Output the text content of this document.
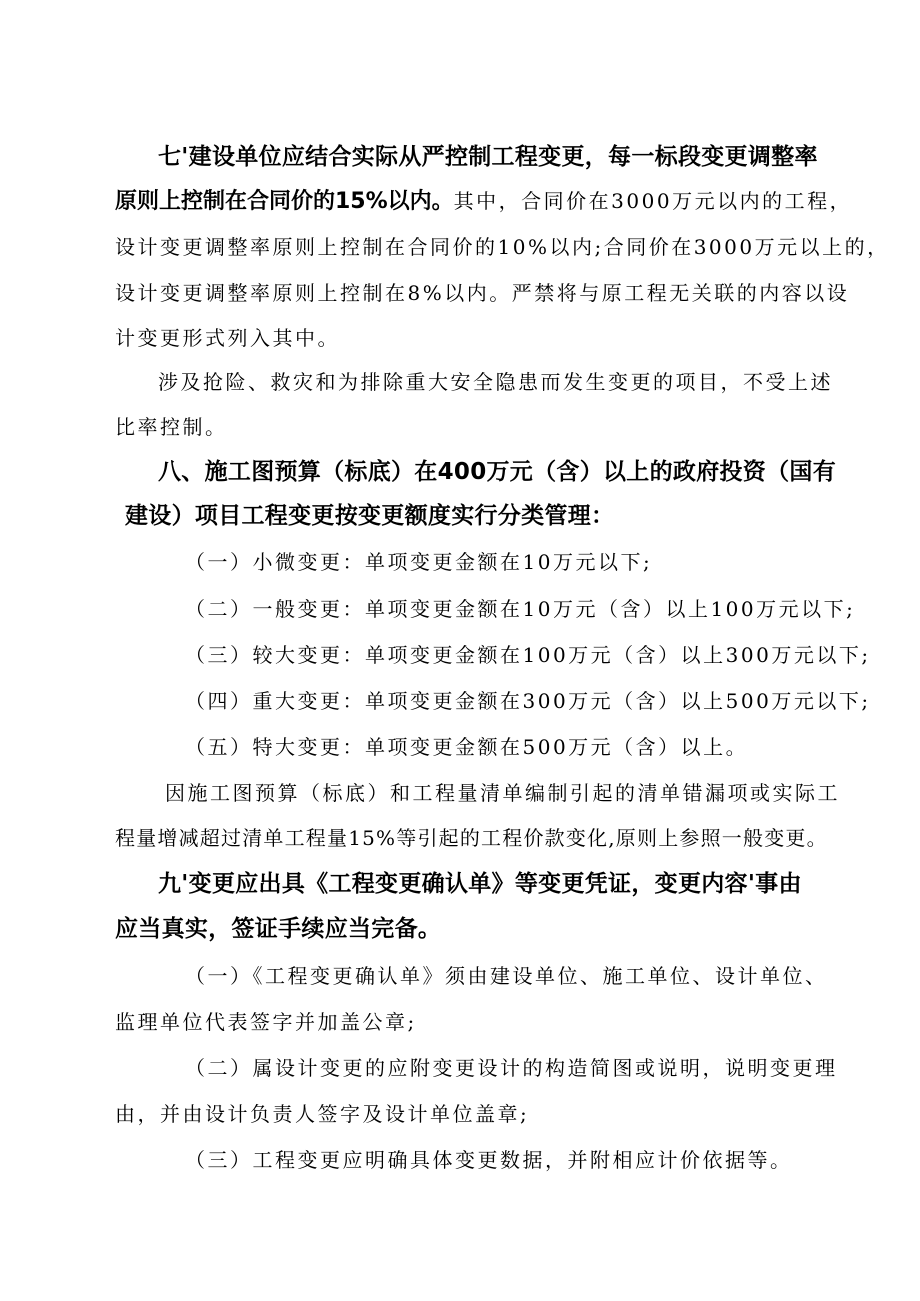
七'建设单位应结合实际从严控制工程变更，每一标段变更调整率
原则上控制在合同价的15%以内。其中，合同价在3000万元以内的工程，
设计变更调整率原则上控制在合同价的10%以内;合同价在3000万元以上的，
设计变更调整率原则上控制在8%以内。严禁将与原工程无关联的内容以设
计变更形式列入其中。
涉及抢险、救灾和为排除重大安全隐患而发生变更的项目，不受上述
比率控制。
八、施工图预算（标底）在400万元（含）以上的政府投资（国有
建设）项目工程变更按变更额度实行分类管理：
（一）小微变更：单项变更金额在10万元以下;
（二）一般变更：单项变更金额在10万元（含）以上100万元以下;
（三）较大变更：单项变更金额在100万元（含）以上300万元以下;
（四）重大变更：单项变更金额在300万元（含）以上500万元以下;
（五）特大变更：单项变更金额在500万元（含）以上。
因施工图预算（标底）和工程量清单编制引起的清单错漏项或实际工
程量增减超过清单工程量15%等引起的工程价款变化,原则上参照一般变更。
九'变更应出具《工程变更确认单》等变更凭证，变更内容'事由
应当真实，签证手续应当完备。
（一）《工程变更确认单》须由建设单位、施工单位、设计单位、
监理单位代表签字并加盖公章;
（二）属设计变更的应附变更设计的构造简图或说明，说明变更理
由，并由设计负责人签字及设计单位盖章;
（三）工程变更应明确具体变更数据，并附相应计价依据等。
